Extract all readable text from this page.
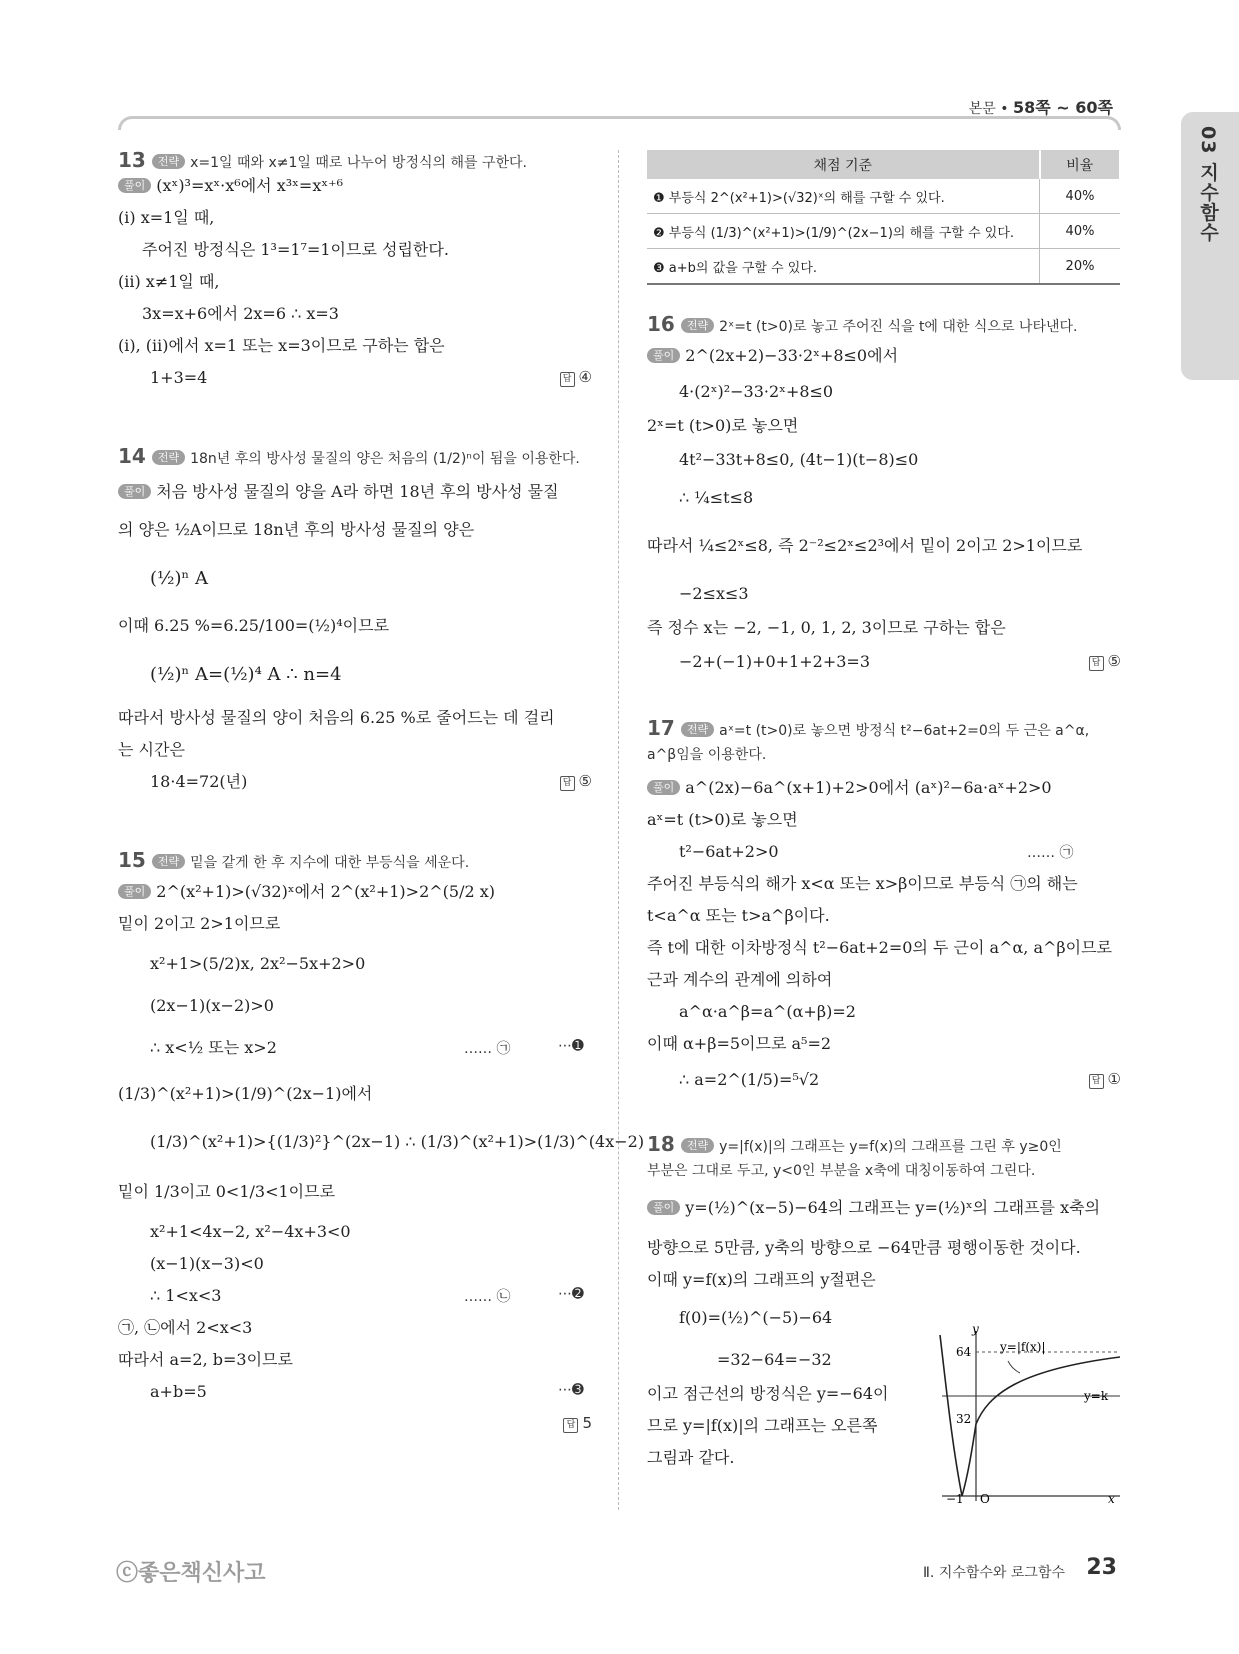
본문 • 58쪽 ~ 60쪽
03 지수함수
13 전략 x=1일 때와 x≠1일 때로 나누어 방정식의 해를 구한다.
풀이 (xˣ)³=xˣ·x⁶에서 x³ˣ=xˣ⁺⁶
(ⅰ) x=1일 때,
주어진 방정식은 1³=1⁷=1이므로 성립한다.
(ⅱ) x≠1일 때,
3x=x+6에서 2x=6 ∴ x=3
(ⅰ), (ⅱ)에서 x=1 또는 x=3이므로 구하는 합은
1+3=4	답 ④
14 전략 18n년 후의 방사성 물질의 양은 처음의 (1/2)ⁿ이 됨을 이용한다.
풀이 처음 방사성 물질의 양을 A라 하면 18년 후의 방사성 물질
의 양은 ½A이므로 18n년 후의 방사성 물질의 양은
(½)ⁿ A
이때 6.25 %=6.25/100=(½)⁴이므로
(½)ⁿ A=(½)⁴ A ∴ n=4
따라서 방사성 물질의 양이 처음의 6.25 %로 줄어드는 데 걸리
는 시간은
18·4=72(년)	답 ⑤
15 전략 밑을 같게 한 후 지수에 대한 부등식을 세운다.
풀이 2^(x²+1)>(√32)ˣ에서 2^(x²+1)>2^(5/2 x)
밑이 2이고 2>1이므로
x²+1>(5/2)x, 2x²−5x+2>0
(2x−1)(x−2)>0
∴ x<½ 또는 x>2	…… ㉠	⋯➊
(1/3)^(x²+1)>(1/9)^(2x−1)에서
(1/3)^(x²+1)>{(1/3)²}^(2x−1) ∴ (1/3)^(x²+1)>(1/3)^(4x−2)
밑이 1/3이고 0<1/3<1이므로
x²+1<4x−2, x²−4x+3<0
(x−1)(x−3)<0
∴ 1<x<3	…… ㉡	⋯➋
㉠, ㉡에서 2<x<3
따라서 a=2, b=3이므로
a+b=5	⋯➌
답 5
채점 기준	비율
❶ 부등식 2^(x²+1)>(√32)ˣ의 해를 구할 수 있다.	40%
❷ 부등식 (1/3)^(x²+1)>(1/9)^(2x−1)의 해를 구할 수 있다.	40%
❸ a+b의 값을 구할 수 있다.	20%
16 전략 2ˣ=t (t>0)로 놓고 주어진 식을 t에 대한 식으로 나타낸다.
풀이 2^(2x+2)−33·2ˣ+8≤0에서
4·(2ˣ)²−33·2ˣ+8≤0
2ˣ=t (t>0)로 놓으면
4t²−33t+8≤0, (4t−1)(t−8)≤0
∴ ¼≤t≤8
따라서 ¼≤2ˣ≤8, 즉 2⁻²≤2ˣ≤2³에서 밑이 2이고 2>1이므로
−2≤x≤3
즉 정수 x는 −2, −1, 0, 1, 2, 3이므로 구하는 합은
−2+(−1)+0+1+2+3=3	답 ⑤
17 전략 aˣ=t (t>0)로 놓으면 방정식 t²−6at+2=0의 두 근은 a^α,
a^β임을 이용한다.
풀이 a^(2x)−6a^(x+1)+2>0에서 (aˣ)²−6a·aˣ+2>0
aˣ=t (t>0)로 놓으면
t²−6at+2>0	…… ㉠
주어진 부등식의 해가 x<α 또는 x>β이므로 부등식 ㉠의 해는
t<a^α 또는 t>a^β이다.
즉 t에 대한 이차방정식 t²−6at+2=0의 두 근이 a^α, a^β이므로
근과 계수의 관계에 의하여
a^α·a^β=a^(α+β)=2
이때 α+β=5이므로 a⁵=2
∴ a=2^(1/5)=⁵√2	답 ①
18 전략 y=|f(x)|의 그래프는 y=f(x)의 그래프를 그린 후 y≥0인
부분은 그대로 두고, y<0인 부분을 x축에 대칭이동하여 그린다.
풀이 y=(½)^(x−5)−64의 그래프는 y=(½)ˣ의 그래프를 x축의
방향으로 5만큼, y축의 방향으로 −64만큼 평행이동한 것이다.
이때 y=f(x)의 그래프의 y절편은
f(0)=(½)^(−5)−64
=32−64=−32
이고 점근선의 방정식은 y=−64이
므로 y=|f(x)|의 그래프는 오른쪽
그림과 같다.
y
x
O
64
32
−1
y=|f(x)|
y=k
ⓒ좋은책신사고	Ⅱ. 지수함수와 로그함수 23
